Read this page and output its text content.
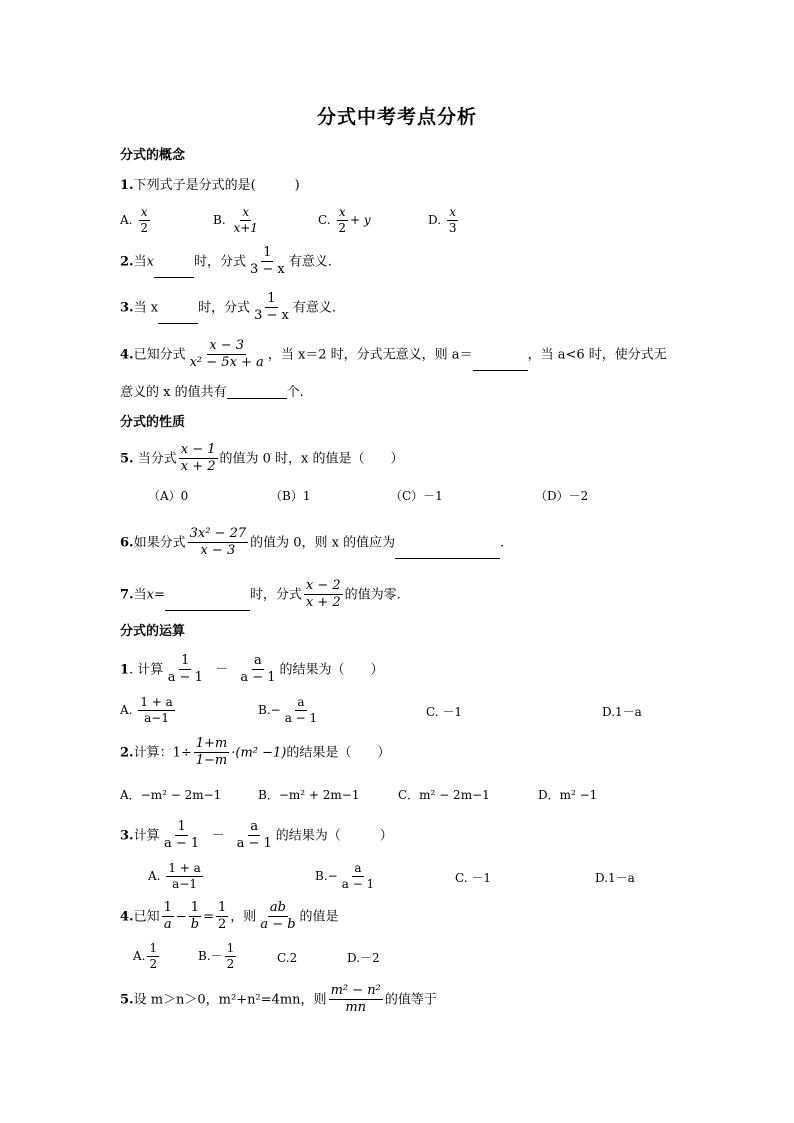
分式中考考点分析
分式的概念
1.下列式子是分式的是(　　　)
A. $\frac{x}{2}$	B. $\frac{x}{x+1}$	C. $\frac{x}{2} + y$	D. $\frac{x}{3}$
2.当x	时，分式 $\frac{1}{3 - x}$ 有意义.
3.当 x	时，分式 $\frac{1}{3 - x}$ 有意义.
4.已知分式 $\frac{x - 3}{\text{x² − 5x + a}}$ ，当 x＝2 时，分式无意义，则 a＝	，当 a<6 时，使分式无
意义的 x 的值共有	个.
分式的性质
5. 当分式 $\frac{x - 1}{x + 2}$ 的值为 0 时，x 的值是（　　）
（A）0	（B）1	（C）－1	（D）－2
6.如果分式 $\frac{\text{3x² − 27}}{x - 3}$ 的值为 0，则 x 的值应为	.
7.当x=	时，分式 $\frac{x - 2}{x + 2}$ 的值为零.
分式的运算
1. 计算 $\frac{1}{a - 1} - \frac{a}{a - 1}$ 的结果为（　　）
A. $\frac{1 + a}{a-1}$	$B.- \frac{a}{a - 1}$	C. －1	D.1－a
2.计算：$1\div \frac{1+m}{1-m} \cdot(m^2 -1)$的结果是（　　）
A．−m² − 2m−1	B．−m² + 2m−1	C．m² − 2m−1	D．m² −1
3.计算 $\frac{1}{a - 1} - \frac{a}{a - 1}$ 的结果为（　　　）
A. $\frac{1 + a}{a-1}$	$B.- \frac{a}{a - 1}$	C. －1	D.1－a
4.已知 $\frac{1}{a} - \frac{1}{b} = \frac{1}{2}$ ，则 $\frac{ab}{a - b}$ 的值是
A. $\frac{1}{2}$	$B.- \frac{1}{2}$	C.2	D.－2
5.设 m＞n＞0，m²+n²=4mn，则 $\frac{\text{m² − n²}}{mn}$ 的值等于
